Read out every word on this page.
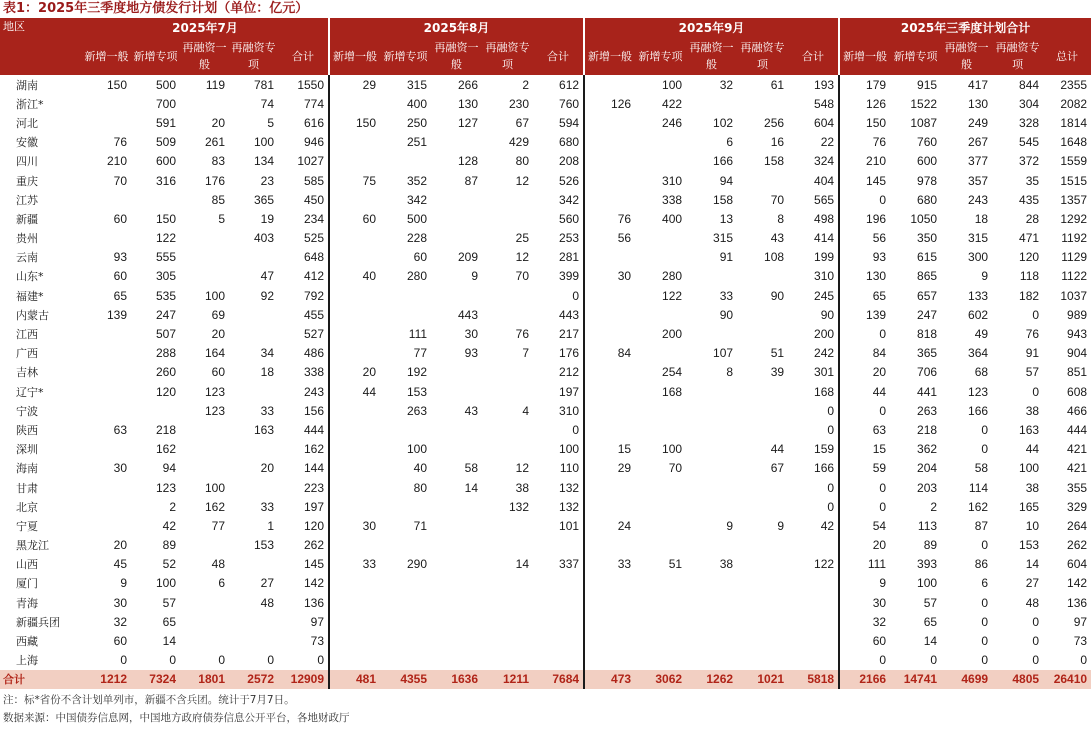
表1：2025年三季度地方债发行计划（单位：亿元）
地区	2025年7月					2025年8月					2025年9月					2025年三季度计划合计				
	新增一般	新增专项	再融资一般	再融资专项	合计	新增一般	新增专项	再融资一般	再融资专项	合计	新增一般	新增专项	再融资一般	再融资专项	合计	新增一般	新增专项	再融资一般	再融资专项	总计
湖南	150	500	119	781	1550	29	315	266	2	612		100	32	61	193	179	915	417	844	2355
浙江*		700		74	774		400	130	230	760	126	422			548	126	1522	130	304	2082
河北		591	20	5	616	150	250	127	67	594		246	102	256	604	150	1087	249	328	1814
安徽	76	509	261	100	946		251		429	680			6	16	22	76	760	267	545	1648
四川	210	600	83	134	1027			128	80	208			166	158	324	210	600	377	372	1559
重庆	70	316	176	23	585	75	352	87	12	526		310	94		404	145	978	357	35	1515
江苏			85	365	450		342			342		338	158	70	565	0	680	243	435	1357
新疆	60	150	5	19	234	60	500			560	76	400	13	8	498	196	1050	18	28	1292
贵州		122		403	525		228		25	253	56		315	43	414	56	350	315	471	1192
云南	93	555			648		60	209	12	281			91	108	199	93	615	300	120	1129
山东*	60	305		47	412	40	280	9	70	399	30	280			310	130	865	9	118	1122
福建*	65	535	100	92	792					0		122	33	90	245	65	657	133	182	1037
内蒙古	139	247	69		455			443		443			90		90	139	247	602	0	989
江西		507	20		527		111	30	76	217		200			200	0	818	49	76	943
广西		288	164	34	486		77	93	7	176	84		107	51	242	84	365	364	91	904
吉林		260	60	18	338	20	192			212		254	8	39	301	20	706	68	57	851
辽宁*		120	123		243	44	153			197		168			168	44	441	123	0	608
宁波			123	33	156		263	43	4	310					0	0	263	166	38	466
陕西	63	218		163	444					0					0	63	218	0	163	444
深圳		162			162		100			100	15	100		44	159	15	362	0	44	421
海南	30	94		20	144		40	58	12	110	29	70		67	166	59	204	58	100	421
甘肃		123	100		223		80	14	38	132					0	0	203	114	38	355
北京		2	162	33	197				132	132					0	0	2	162	165	329
宁夏		42	77	1	120	30	71			101	24		9	9	42	54	113	87	10	264
黑龙江	20	89		153	262											20	89	0	153	262
山西	45	52	48		145	33	290		14	337	33	51	38		122	111	393	86	14	604
厦门	9	100	6	27	142											9	100	6	27	142
青海	30	57		48	136											30	57	0	48	136
新疆兵团	32	65			97											32	65	0	0	97
西藏	60	14			73											60	14	0	0	73
上海	0	0	0	0	0											0	0	0	0	0
合计	1212	7324	1801	2572	12909	481	4355	1636	1211	7684	473	3062	1262	1021	5818	2166	14741	4699	4805	26410
注：标*省份不含计划单列市，新疆不含兵团。统计于7月7日。
数据来源：中国债券信息网，中国地方政府债券信息公开平台，各地财政厅
